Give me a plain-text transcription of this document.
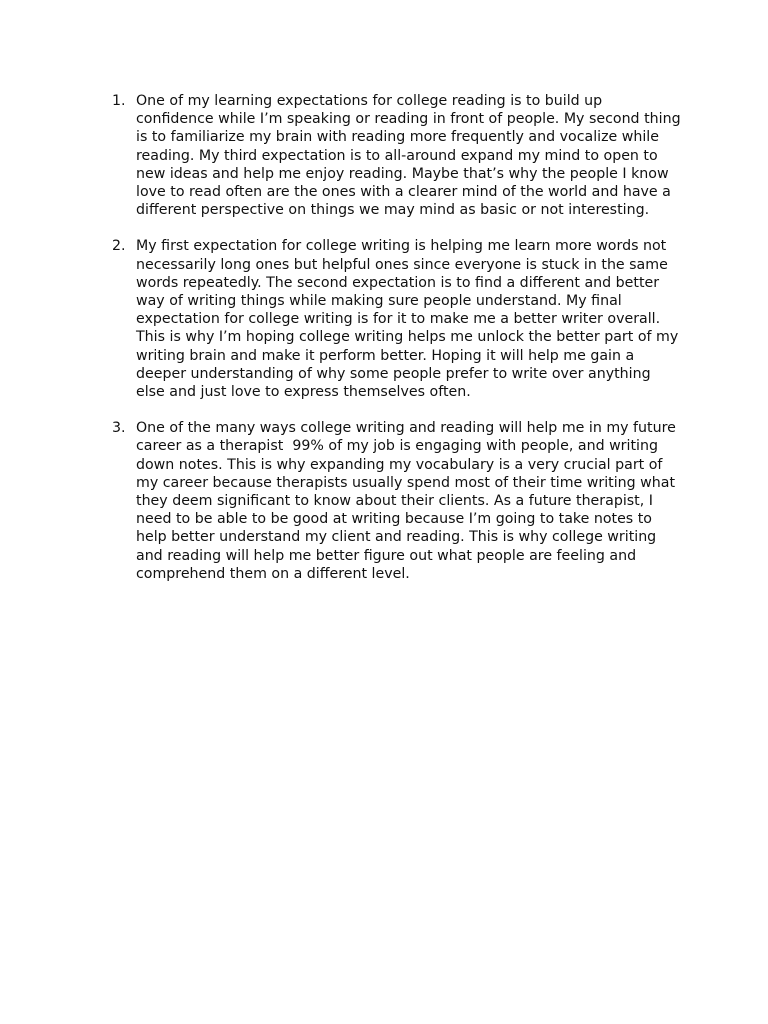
1. One of my learning expectations for college reading is to build up confidence while I’m speaking or reading in front of people. My second thing is to familiarize my brain with reading more frequently and vocalize while reading. My third expectation is to all-around expand my mind to open to new ideas and help me enjoy reading. Maybe that’s why the people I know love to read often are the ones with a clearer mind of the world and have a different perspective on things we may mind as basic or not interesting.
2. My first expectation for college writing is helping me learn more words not necessarily long ones but helpful ones since everyone is stuck in the same words repeatedly. The second expectation is to find a different and better way of writing things while making sure people understand. My final expectation for college writing is for it to make me a better writer overall. This is why I’m hoping college writing helps me unlock the better part of my writing brain and make it perform better. Hoping it will help me gain a deeper understanding of why some people prefer to write over anything else and just love to express themselves often.
3. One of the many ways college writing and reading will help me in my future career as a therapist  99% of my job is engaging with people, and writing down notes. This is why expanding my vocabulary is a very crucial part of my career because therapists usually spend most of their time writing what they deem significant to know about their clients. As a future therapist, I need to be able to be good at writing because I’m going to take notes to help better understand my client and reading. This is why college writing and reading will help me better figure out what people are feeling and comprehend them on a different level.
